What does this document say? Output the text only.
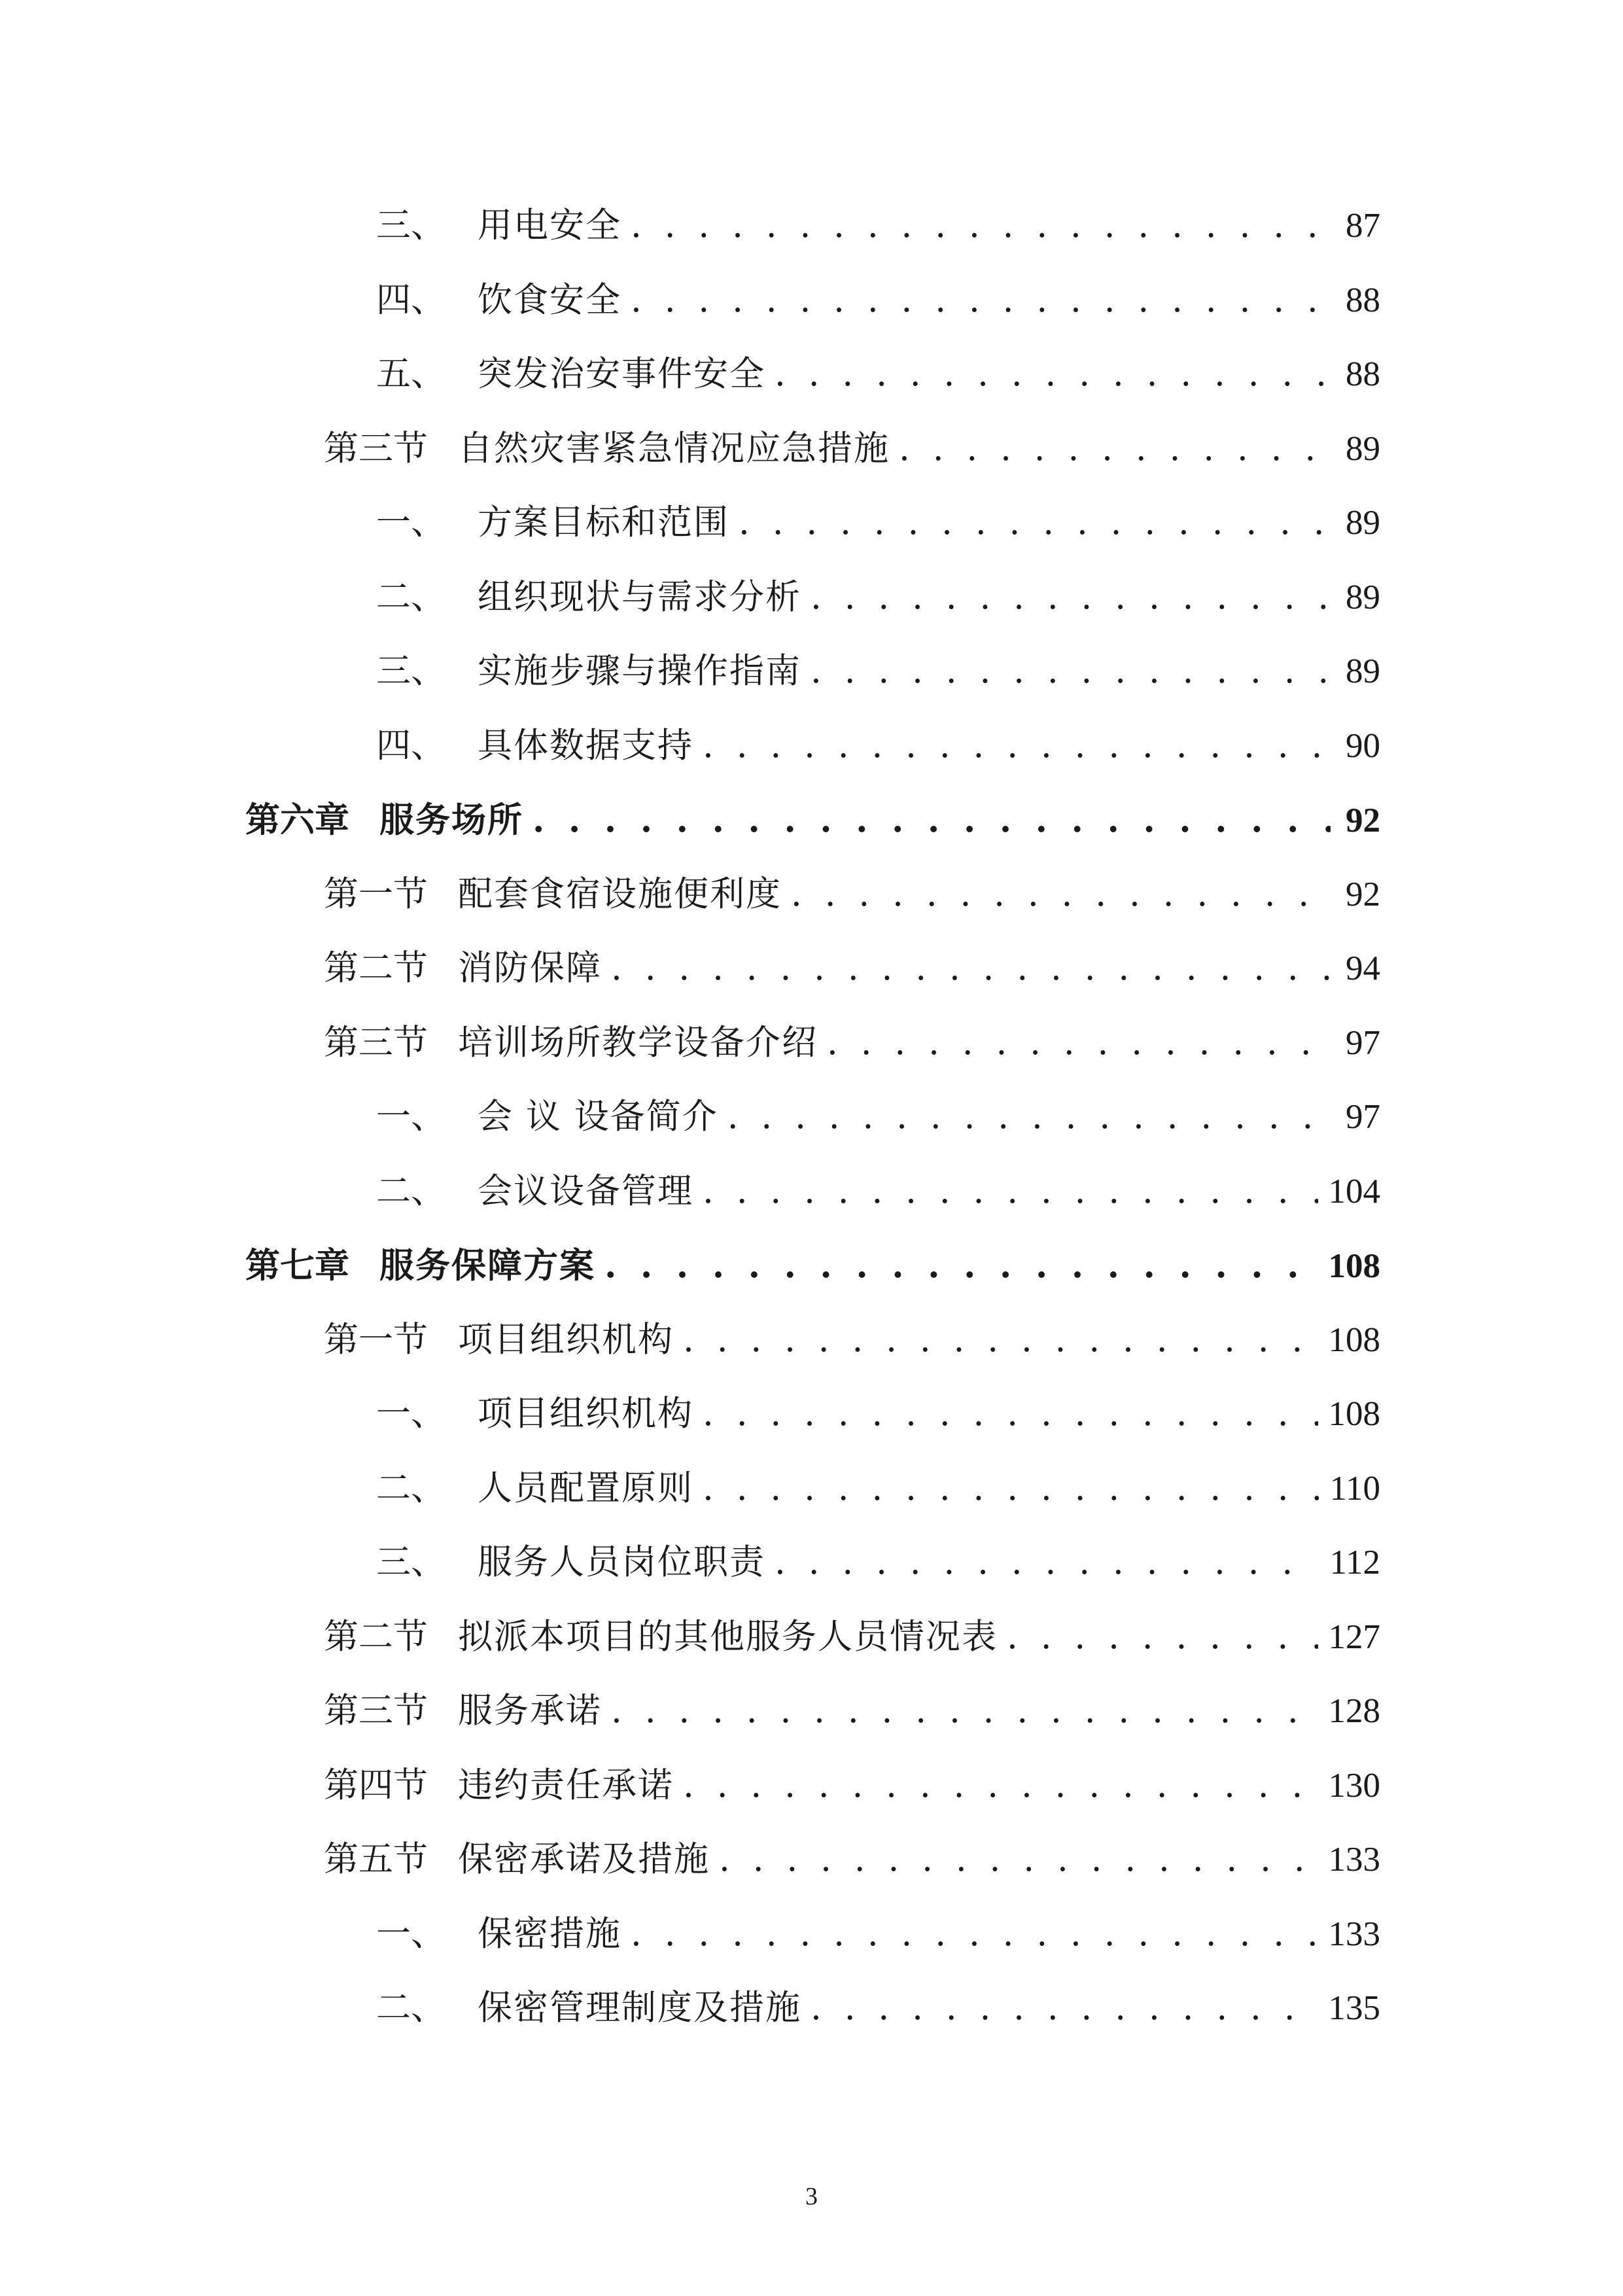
三、 用电安全 . . .	87
四、 饮食安全 . . .	88
五、 突发治安事件安全 . . .	88
第三节 自然灾害紧急情况应急措施 . . .	89
一、 方案目标和范围 . . .	89
二、 组织现状与需求分析 . . .	89
三、 实施步骤与操作指南 . . .	89
四、 具体数据支持 . . .	90
第六章 服务场所 . . .	92
第一节 配套食宿设施便利度 . . .	92
第二节 消防保障 . . .	94
第三节 培训场所教学设备介绍 . . .	97
一、 会 议 设备简介 . . .	97
二、 会议设备管理 . . .	104
第七章 服务保障方案 . . .	108
第一节 项目组织机构 . . .	108
一、 项目组织机构 . . .	108
二、 人员配置原则 . . .	110
三、 服务人员岗位职责 . . .	112
第二节 拟派本项目的其他服务人员情况表 . . .	127
第三节 服务承诺 . . .	128
第四节 违约责任承诺 . . .	130
第五节 保密承诺及措施 . . .	133
一、 保密措施 . . .	133
二、 保密管理制度及措施 . . .	135
3
